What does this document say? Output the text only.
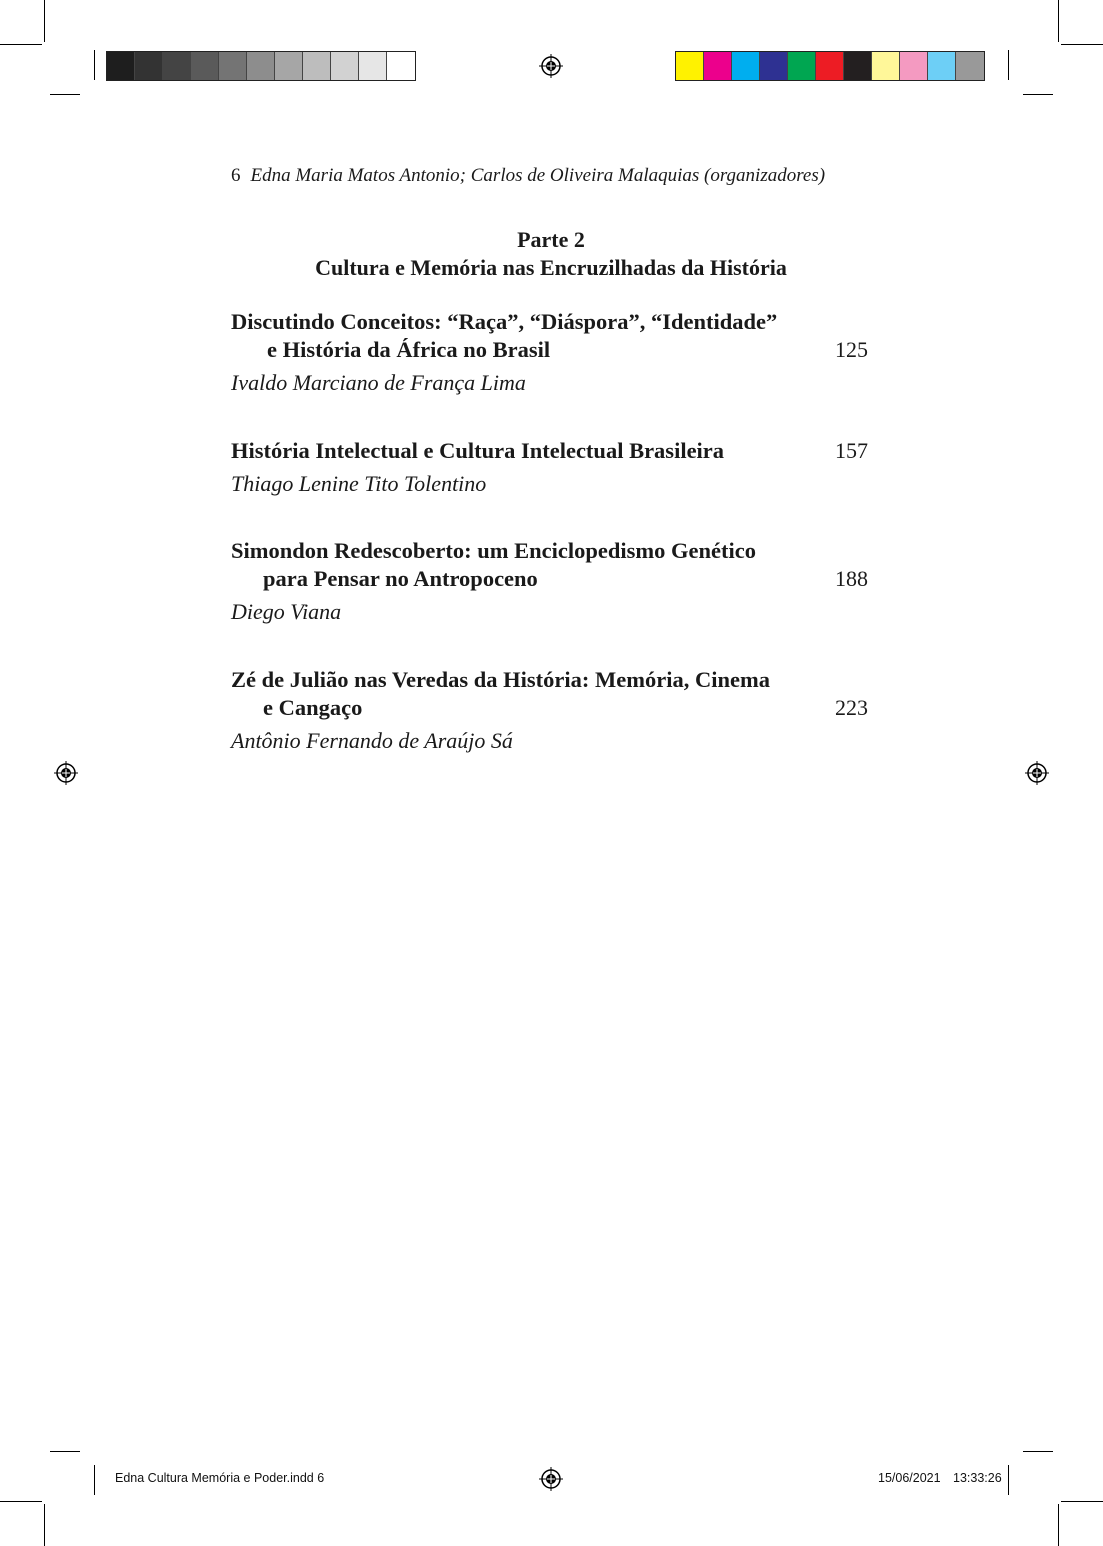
6 Edna Maria Matos Antonio; Carlos de Oliveira Malaquias (organizadores)
Parte 2
Cultura e Memória nas Encruzilhadas da História

Discutindo Conceitos: “Raça”, “Diáspora”, “Identidade”
e História da África no Brasil	125
Ivaldo Marciano de França Lima

História Intelectual e Cultura Intelectual Brasileira	157
Thiago Lenine Tito Tolentino

Simondon Redescoberto: um Enciclopedismo Genético
para Pensar no Antropoceno	188
Diego Viana

Zé de Julião nas Veredas da História: Memória, Cinema
e Cangaço	223
Antônio Fernando de Araújo Sá
Edna Cultura Memória e Poder.indd 6	15/06/2021 13:33:26
